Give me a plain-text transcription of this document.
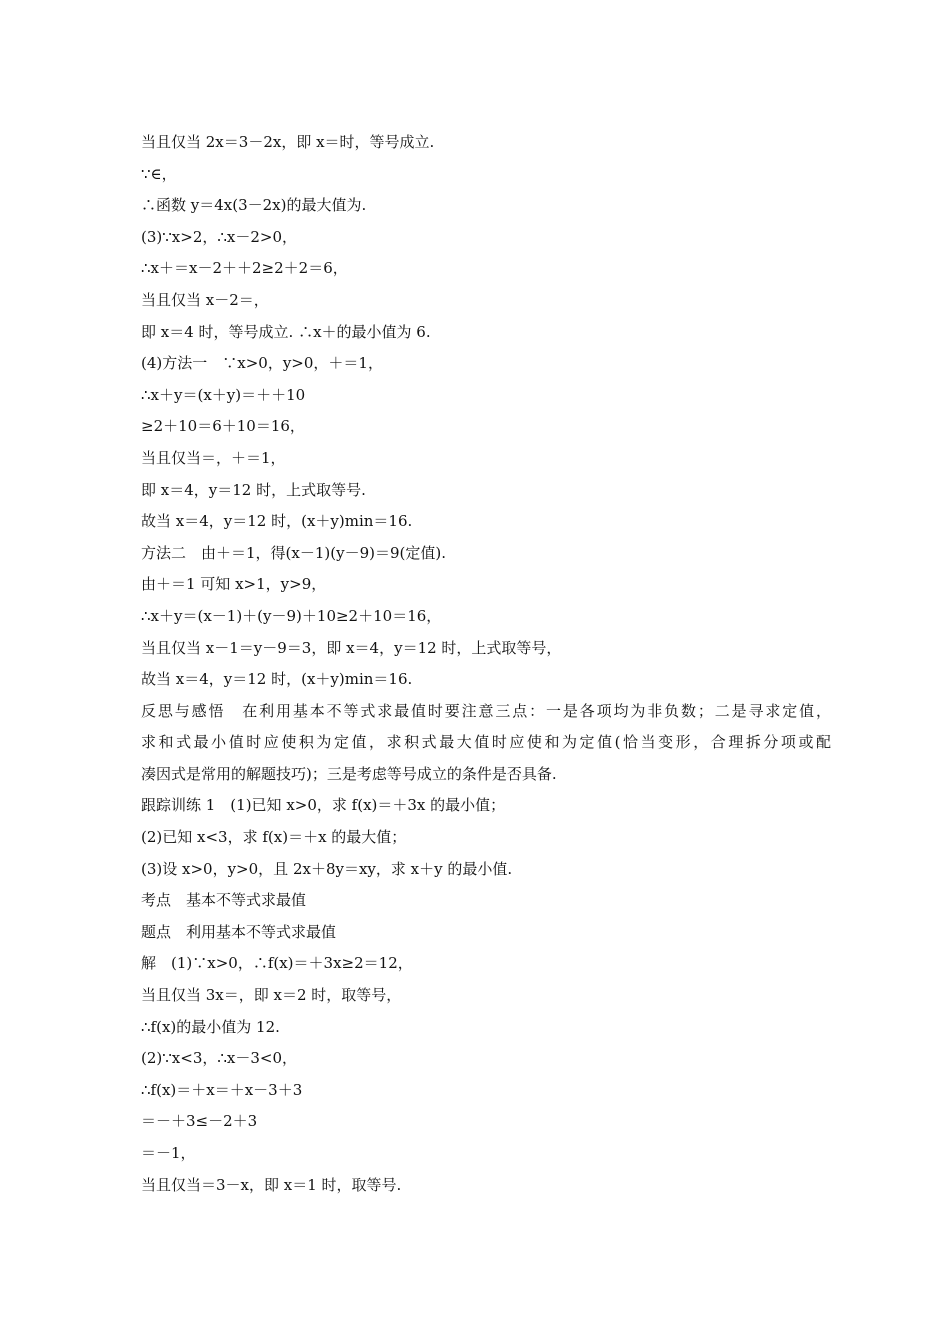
当且仅当 2x＝3－2x，即 x＝时，等号成立.
∵∈，
∴函数 y＝4x(3－2x)的最大值为.
(3)∵x>2，∴x－2>0，
∴x＋＝x－2＋＋2≥2＋2＝6，
当且仅当 x－2＝，
即 x＝4 时，等号成立. ∴x＋的最小值为 6.
(4)方法一　∵x>0，y>0，＋＝1，
∴x＋y＝(x＋y)＝＋＋10
≥2＋10＝6＋10＝16，
当且仅当＝，＋＝1，
即 x＝4，y＝12 时，上式取等号.
故当 x＝4，y＝12 时，(x＋y)min＝16.
方法二　由＋＝1，得(x－1)(y－9)＝9(定值).
由＋＝1 可知 x>1，y>9，
∴x＋y＝(x－1)＋(y－9)＋10≥2＋10＝16，
当且仅当 x－1＝y－9＝3，即 x＝4，y＝12 时，上式取等号，
故当 x＝4，y＝12 时，(x＋y)min＝16.
反思与感悟　在利用基本不等式求最值时要注意三点：一是各项均为非负数；二是寻求定值，
求和式最小值时应使积为定值，求积式最大值时应使和为定值(恰当变形，合理拆分项或配
凑因式是常用的解题技巧)；三是考虑等号成立的条件是否具备.
跟踪训练 1　(1)已知 x>0，求 f(x)＝＋3x 的最小值；
(2)已知 x<3，求 f(x)＝＋x 的最大值；
(3)设 x>0，y>0，且 2x＋8y＝xy，求 x＋y 的最小值.
考点　基本不等式求最值
题点　利用基本不等式求最值
解　(1)∵x>0，∴f(x)＝＋3x≥2＝12，
当且仅当 3x＝，即 x＝2 时，取等号，
∴f(x)的最小值为 12.
(2)∵x<3，∴x－3<0，
∴f(x)＝＋x＝＋x－3＋3
＝－＋3≤－2＋3
＝－1，
当且仅当＝3－x，即 x＝1 时，取等号.
